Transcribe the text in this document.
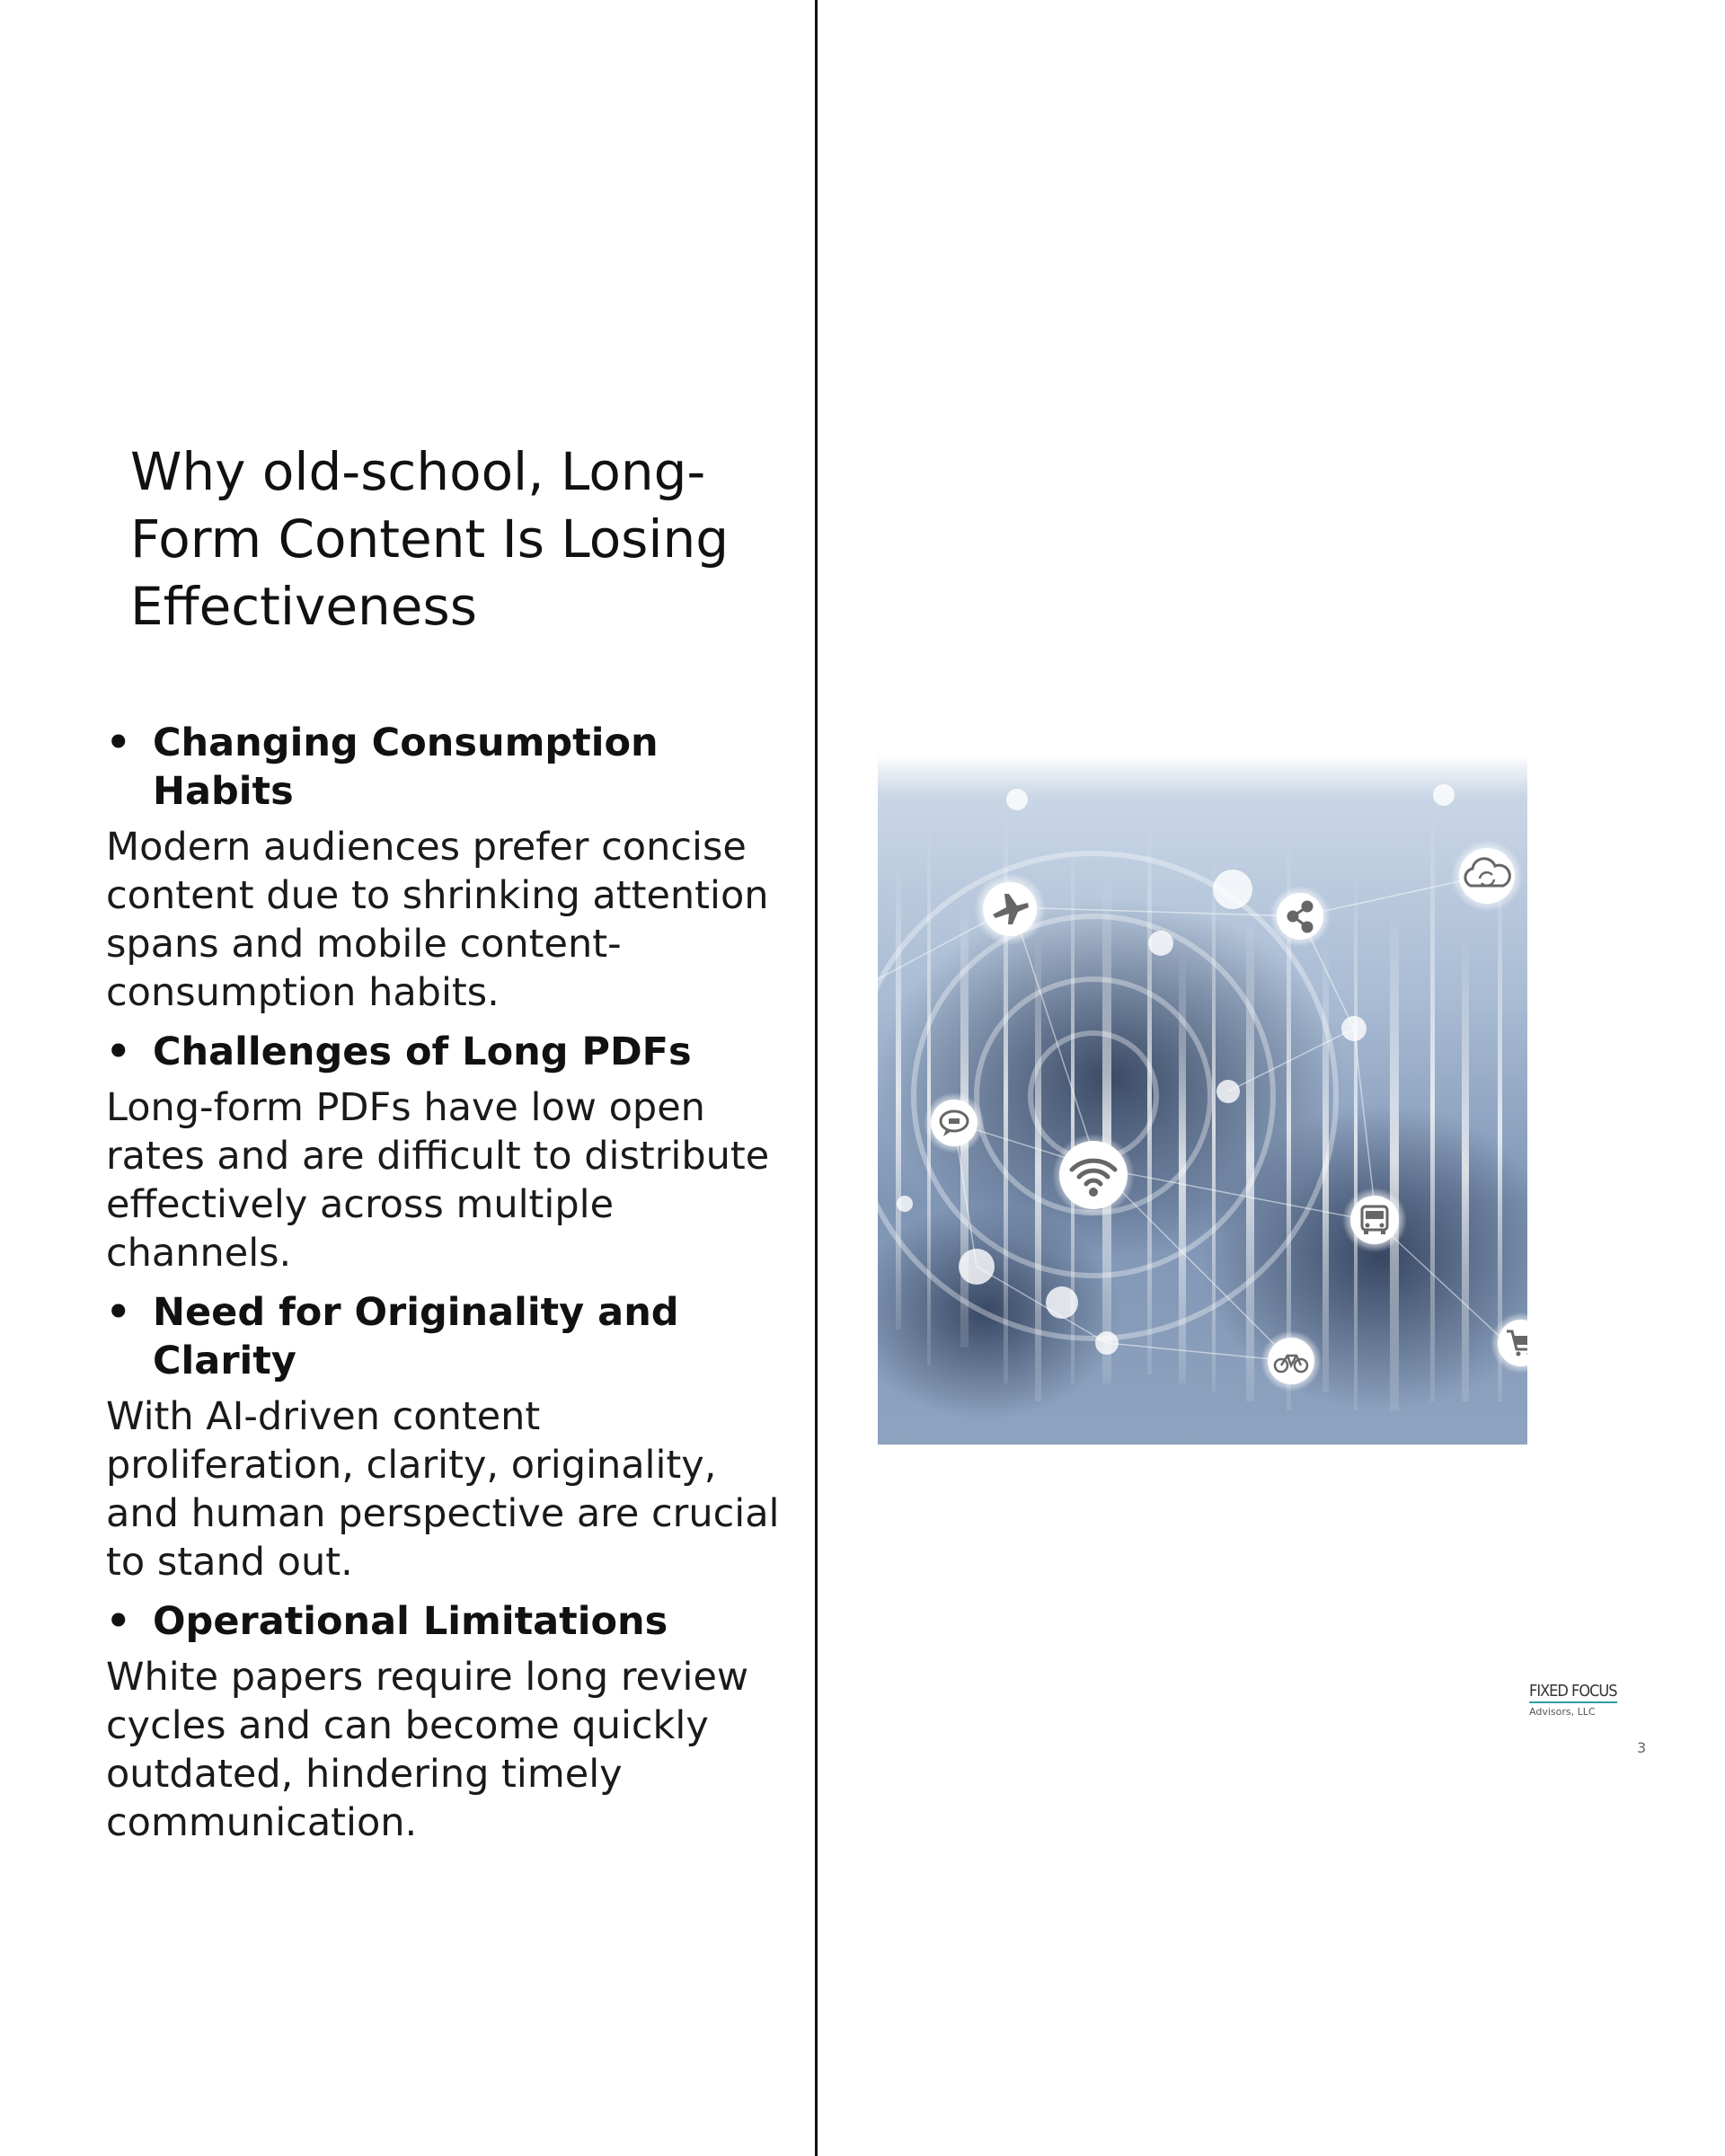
Why old-school, Long-Form Content Is Losing Effectiveness

• Changing Consumption Habits

Modern audiences prefer concise content due to shrinking attention spans and mobile content-consumption habits.

• Challenges of Long PDFs

Long-form PDFs have low open rates and are difficult to distribute effectively across multiple channels.

• Need for Originality and Clarity

With AI-driven content proliferation, clarity, originality, and human perspective are crucial to stand out.

• Operational Limitations

White papers require long review cycles and can become quickly outdated, hindering timely communication.

FIXED FOCUS
Advisors, LLC
3
